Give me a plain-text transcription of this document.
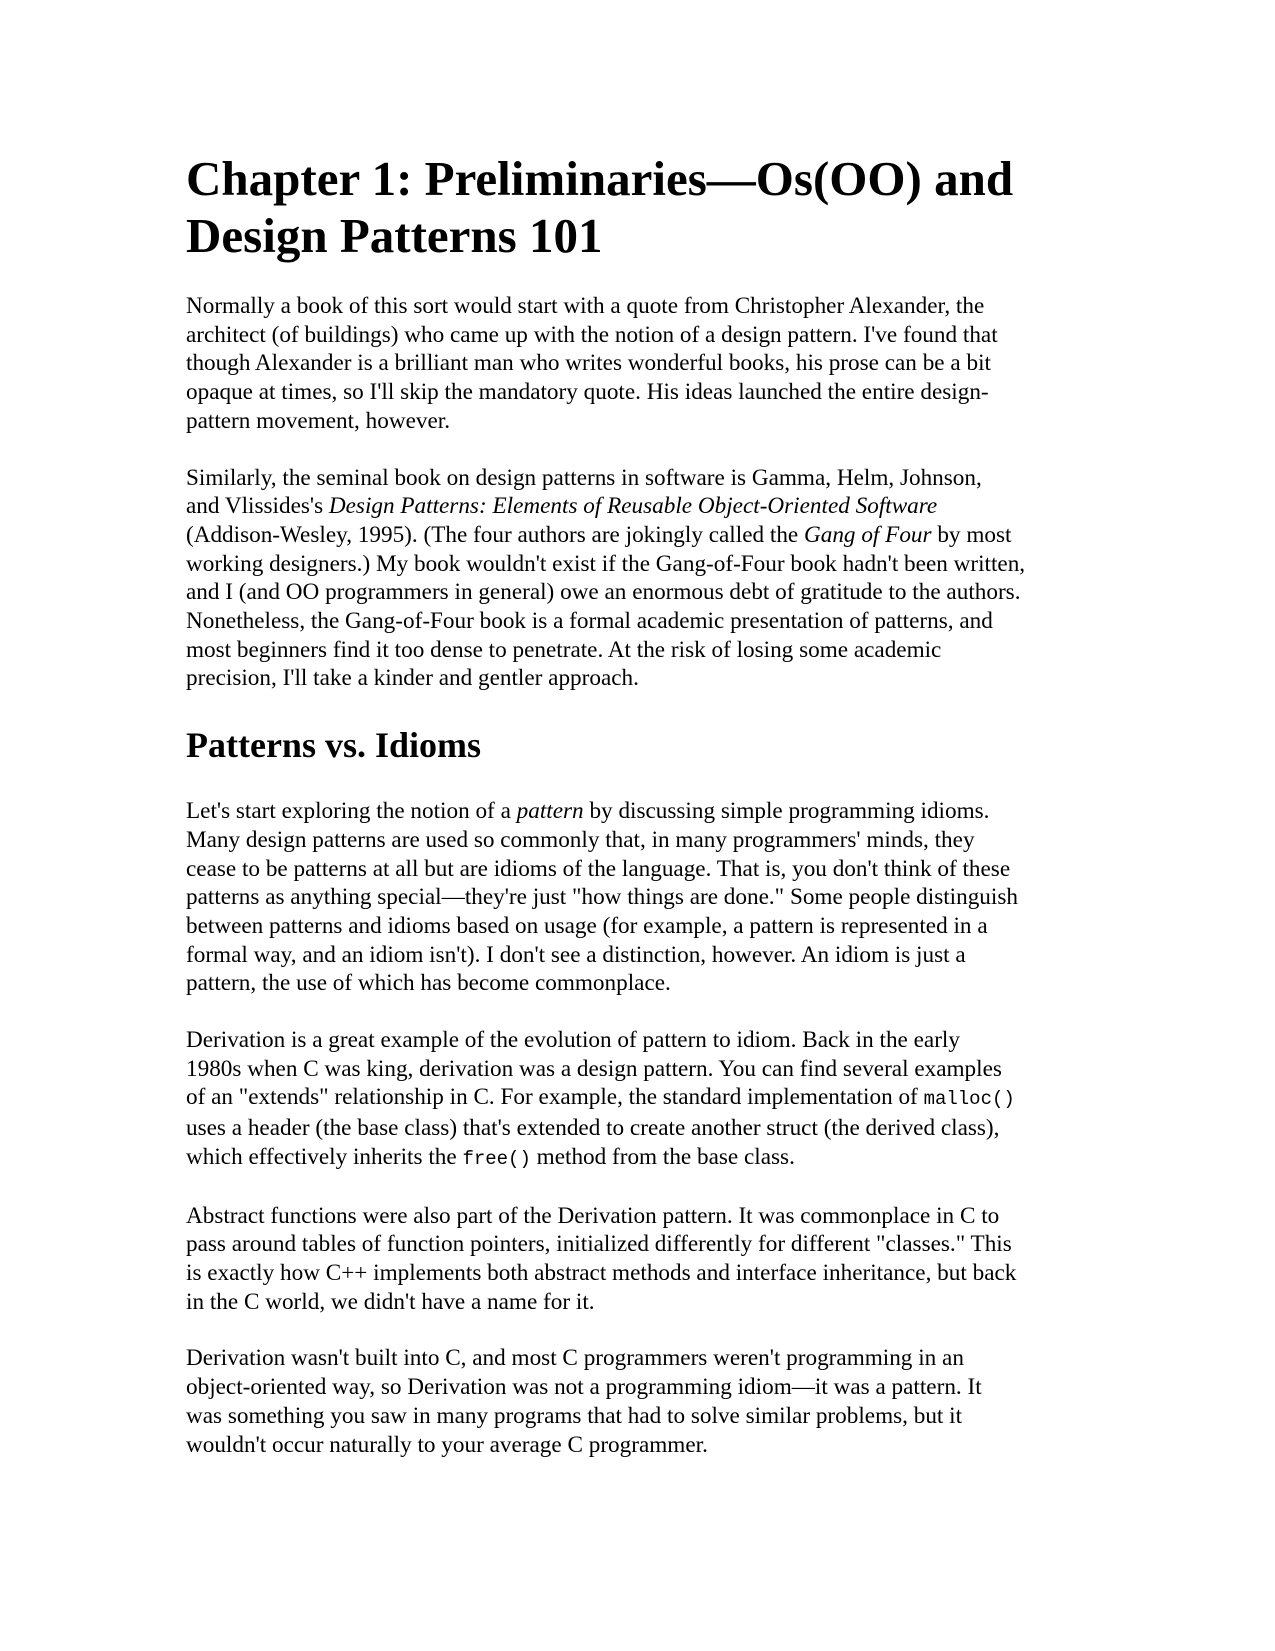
Chapter 1: Preliminaries—Os(OO) and
Design Patterns 101

Normally a book of this sort would start with a quote from Christopher Alexander, the
architect (of buildings) who came up with the notion of a design pattern. I've found that
though Alexander is a brilliant man who writes wonderful books, his prose can be a bit
opaque at times, so I'll skip the mandatory quote. His ideas launched the entire design-
pattern movement, however.

Similarly, the seminal book on design patterns in software is Gamma, Helm, Johnson,
and Vlissides's Design Patterns: Elements of Reusable Object-Oriented Software
(Addison-Wesley, 1995). (The four authors are jokingly called the Gang of Four by most
working designers.) My book wouldn't exist if the Gang-of-Four book hadn't been written,
and I (and OO programmers in general) owe an enormous debt of gratitude to the authors.
Nonetheless, the Gang-of-Four book is a formal academic presentation of patterns, and
most beginners find it too dense to penetrate. At the risk of losing some academic
precision, I'll take a kinder and gentler approach.

Patterns vs. Idioms

Let's start exploring the notion of a pattern by discussing simple programming idioms.
Many design patterns are used so commonly that, in many programmers' minds, they
cease to be patterns at all but are idioms of the language. That is, you don't think of these
patterns as anything special—they're just "how things are done." Some people distinguish
between patterns and idioms based on usage (for example, a pattern is represented in a
formal way, and an idiom isn't). I don't see a distinction, however. An idiom is just a
pattern, the use of which has become commonplace.

Derivation is a great example of the evolution of pattern to idiom. Back in the early
1980s when C was king, derivation was a design pattern. You can find several examples
of an "extends" relationship in C. For example, the standard implementation of malloc()
uses a header (the base class) that's extended to create another struct (the derived class),
which effectively inherits the free() method from the base class.

Abstract functions were also part of the Derivation pattern. It was commonplace in C to
pass around tables of function pointers, initialized differently for different "classes." This
is exactly how C++ implements both abstract methods and interface inheritance, but back
in the C world, we didn't have a name for it.

Derivation wasn't built into C, and most C programmers weren't programming in an
object-oriented way, so Derivation was not a programming idiom—it was a pattern. It
was something you saw in many programs that had to solve similar problems, but it
wouldn't occur naturally to your average C programmer.
